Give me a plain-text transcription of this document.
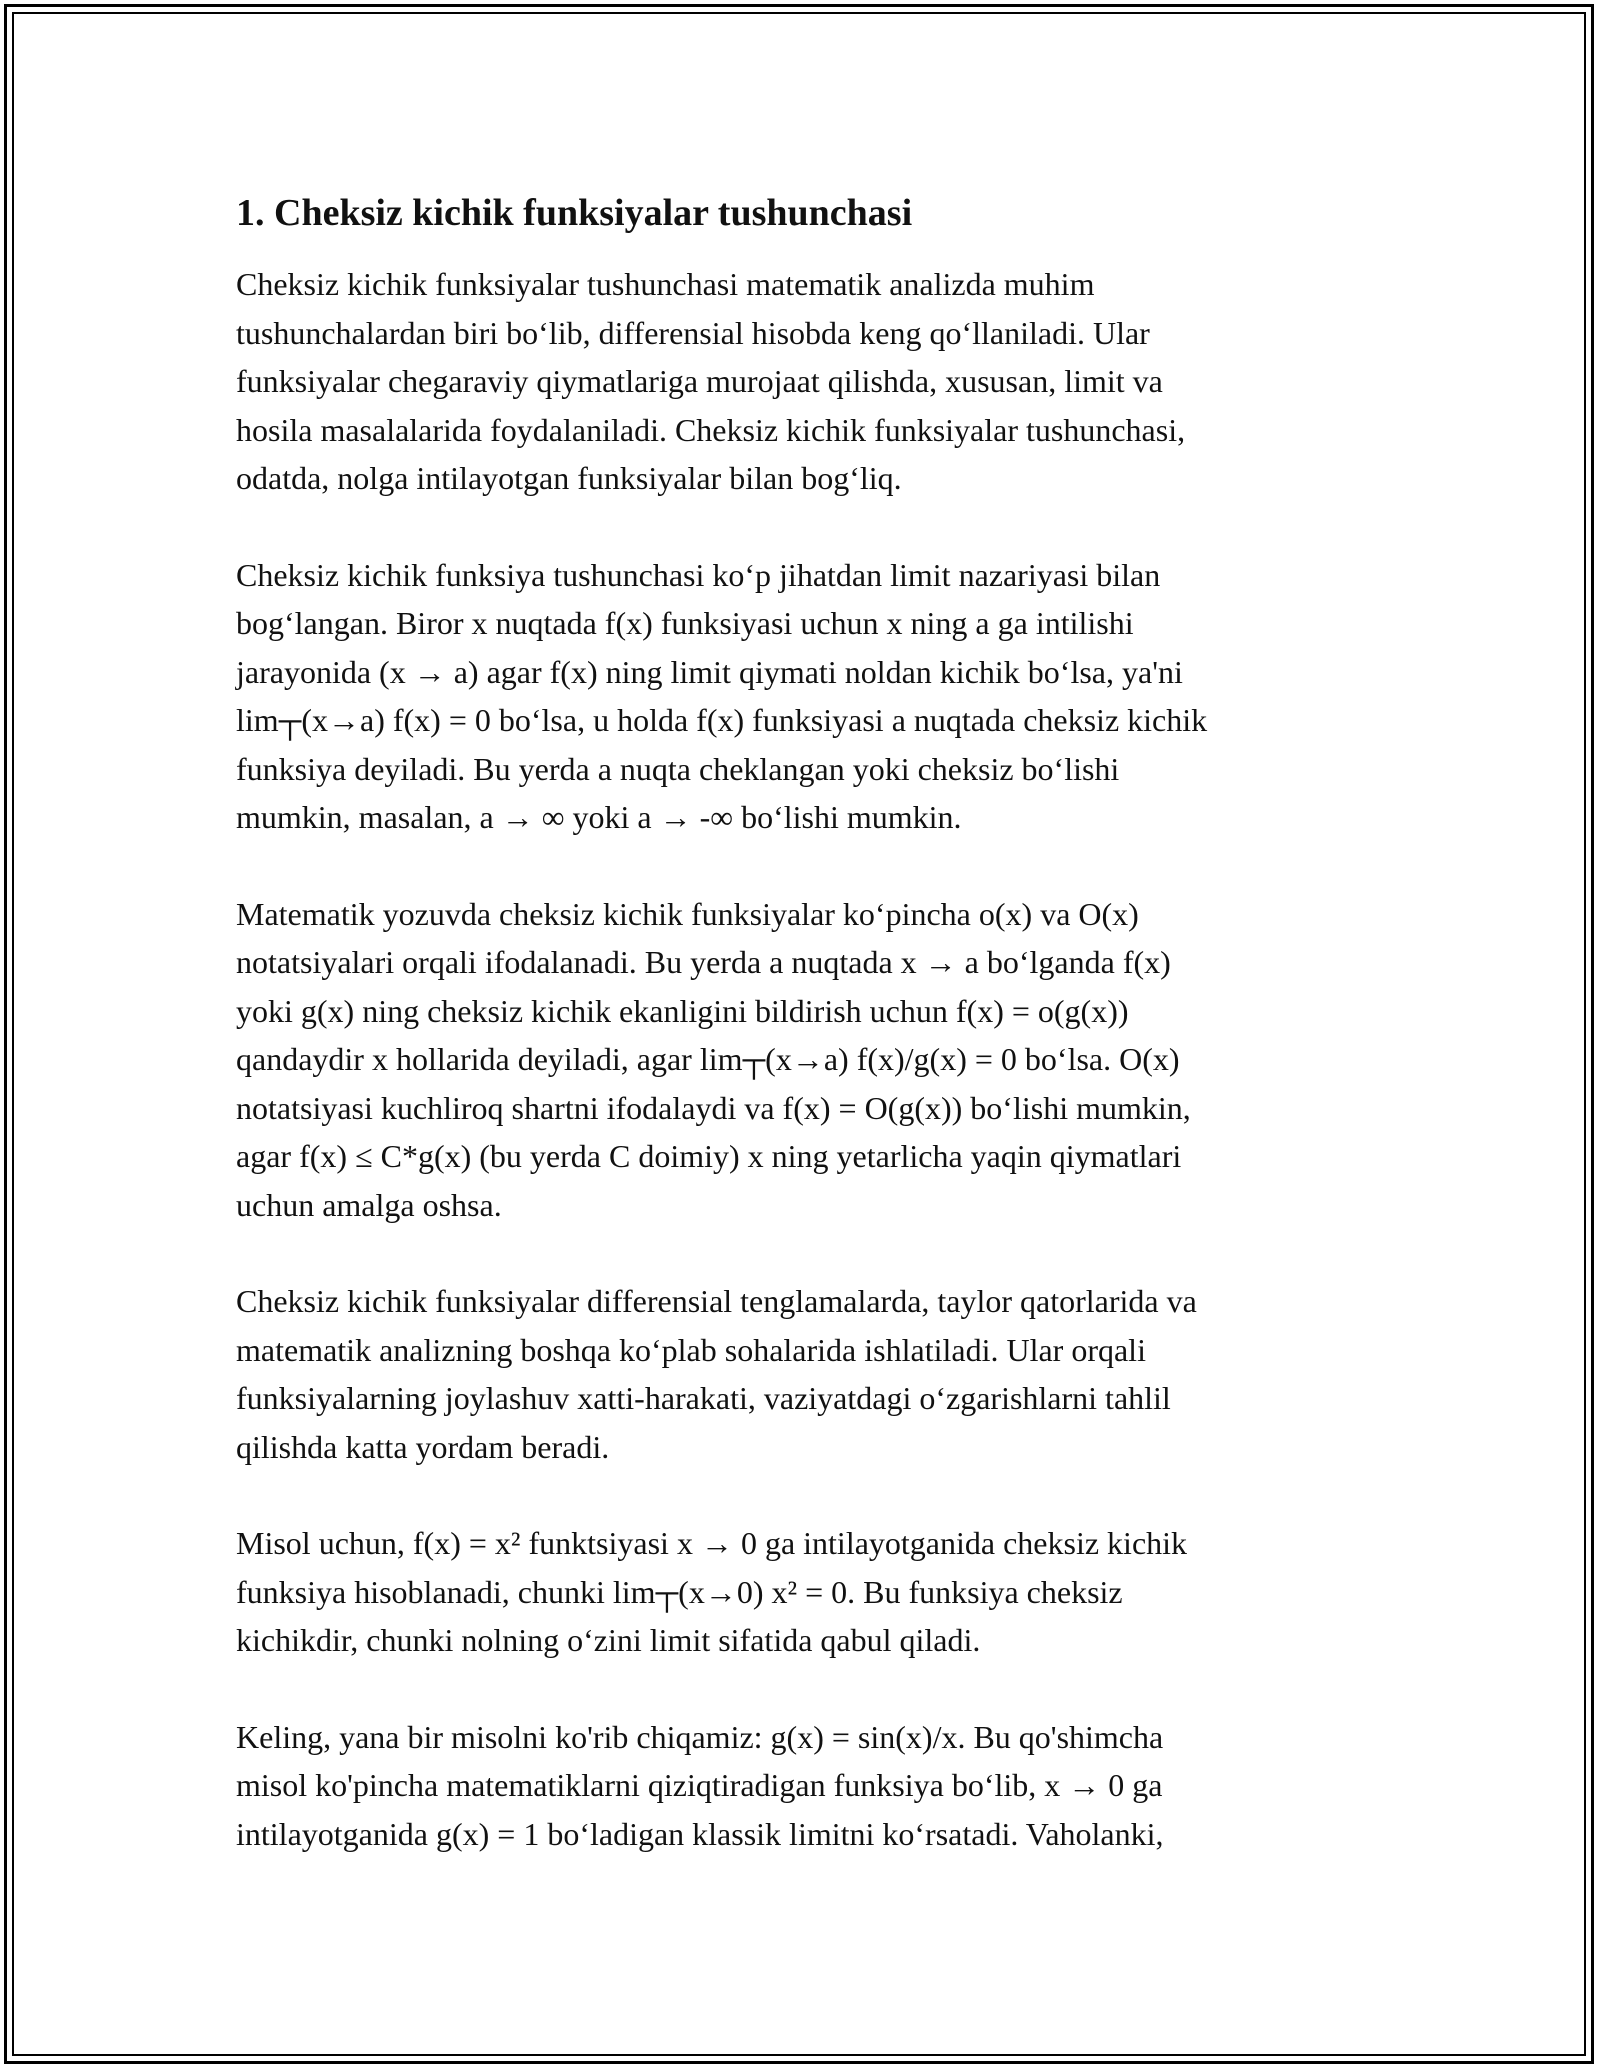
1. Cheksiz kichik funksiyalar tushunchasi
Cheksiz kichik funksiyalar tushunchasi matematik analizda muhim
tushunchalardan biri bo‘lib, differensial hisobda keng qo‘llaniladi. Ular
funksiyalar chegaraviy qiymatlariga murojaat qilishda, xususan, limit va
hosila masalalarida foydalaniladi. Cheksiz kichik funksiyalar tushunchasi,
odatda, nolga intilayotgan funksiyalar bilan bog‘liq.
Cheksiz kichik funksiya tushunchasi ko‘p jihatdan limit nazariyasi bilan
bog‘langan. Biror x nuqtada f(x) funksiyasi uchun x ning a ga intilishi
jarayonida (x → a) agar f(x) ning limit qiymati noldan kichik bo‘lsa, ya'ni
lim┬(x→a) f(x) = 0 bo‘lsa, u holda f(x) funksiyasi a nuqtada cheksiz kichik
funksiya deyiladi. Bu yerda a nuqta cheklangan yoki cheksiz bo‘lishi
mumkin, masalan, a → ∞ yoki a → -∞ bo‘lishi mumkin.
Matematik yozuvda cheksiz kichik funksiyalar ko‘pincha o(x) va O(x)
notatsiyalari orqali ifodalanadi. Bu yerda a nuqtada x → a bo‘lganda f(x)
yoki g(x) ning cheksiz kichik ekanligini bildirish uchun f(x) = o(g(x))
qandaydir x hollarida deyiladi, agar lim┬(x→a) f(x)/g(x) = 0 bo‘lsa. O(x)
notatsiyasi kuchliroq shartni ifodalaydi va f(x) = O(g(x)) bo‘lishi mumkin,
agar f(x) ≤ C*g(x) (bu yerda C doimiy) x ning yetarlicha yaqin qiymatlari
uchun amalga oshsa.
Cheksiz kichik funksiyalar differensial tenglamalarda, taylor qatorlarida va
matematik analizning boshqa ko‘plab sohalarida ishlatiladi. Ular orqali
funksiyalarning joylashuv xatti-harakati, vaziyatdagi o‘zgarishlarni tahlil
qilishda katta yordam beradi.
Misol uchun, f(x) = x² funktsiyasi x → 0 ga intilayotganida cheksiz kichik
funksiya hisoblanadi, chunki lim┬(x→0) x² = 0. Bu funksiya cheksiz
kichikdir, chunki nolning o‘zini limit sifatida qabul qiladi.
Keling, yana bir misolni ko'rib chiqamiz: g(x) = sin(x)/x. Bu qo'shimcha
misol ko'pincha matematiklarni qiziqtiradigan funksiya bo‘lib, x → 0 ga
intilayotganida g(x) = 1 bo‘ladigan klassik limitni ko‘rsatadi. Vaholanki,
